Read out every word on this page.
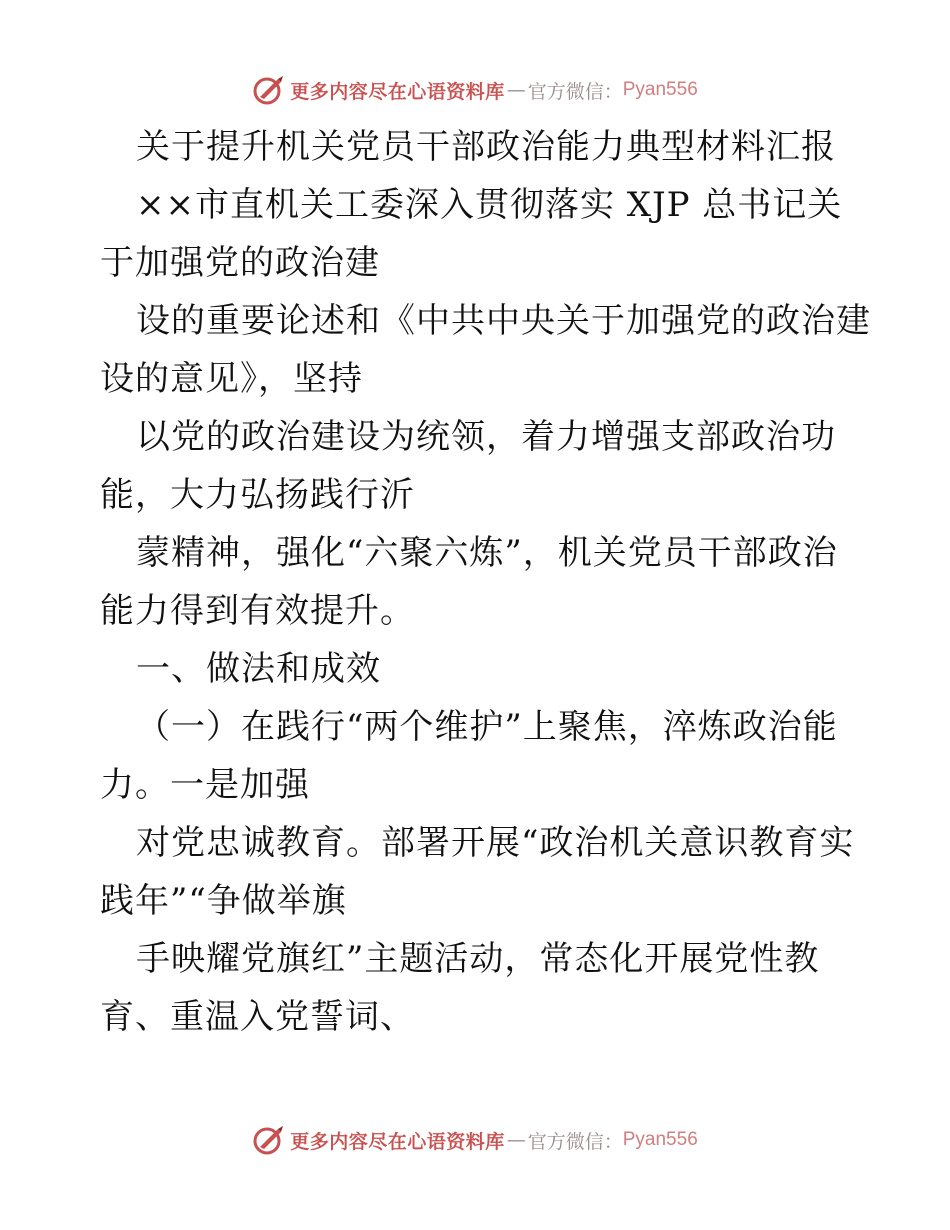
更多内容尽在心语资料库 — 官方微信： Pyan556
关于提升机关党员干部政治能力典型材料汇报
××市直机关工委深入贯彻落实 XJP 总书记关
于加强党的政治建
设的重要论述和《中共中央关于加强党的政治建
设的意见》，坚持
以党的政治建设为统领，着力增强支部政治功
能，大力弘扬践行沂
蒙精神，强化“六聚六炼”，机关党员干部政治
能力得到有效提升。
一、做法和成效
（一）在践行“两个维护”上聚焦，淬炼政治能
力。一是加强
对党忠诚教育。部署开展“政治机关意识教育实
践年”“争做举旗
手映耀党旗红”主题活动，常态化开展党性教
育、重温入党誓词、
更多内容尽在心语资料库 — 官方微信： Pyan556
